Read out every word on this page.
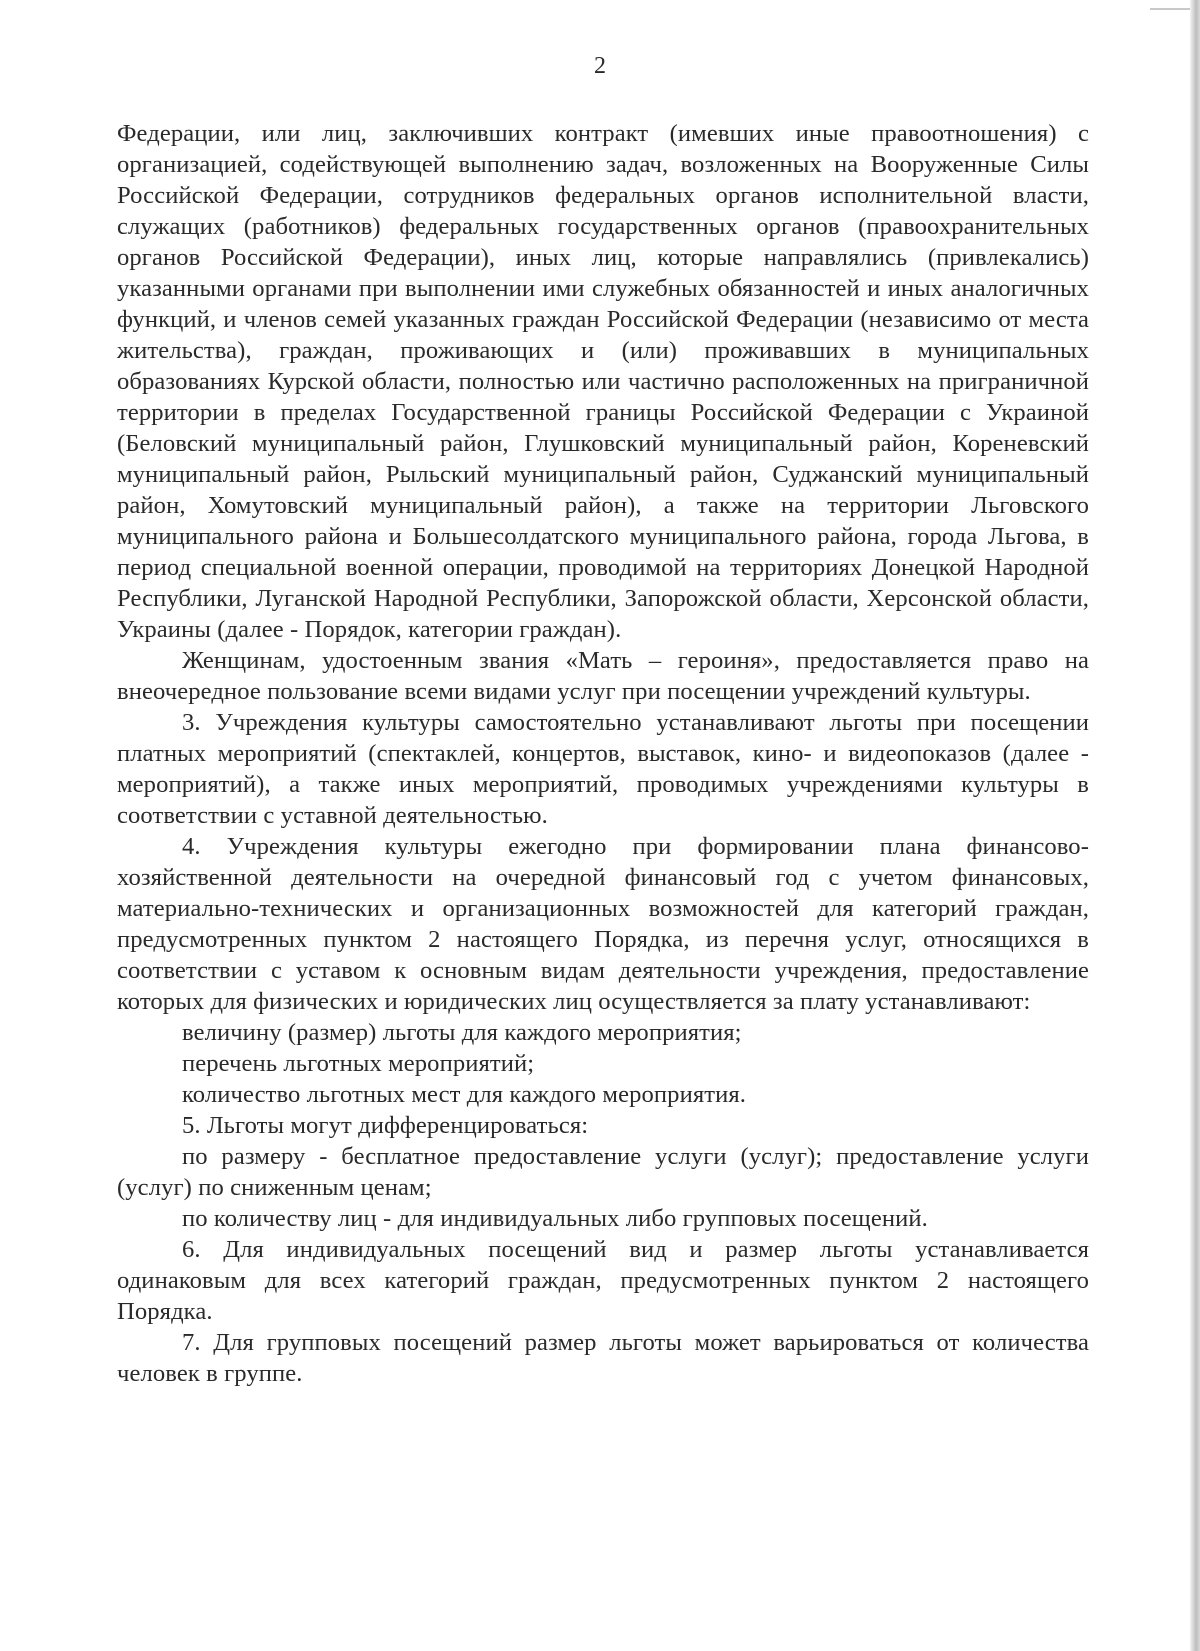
2

Федерации, или лиц, заключивших контракт (имевших иные правоотношения) с организацией, содействующей выполнению задач, возложенных на Вооруженные Силы Российской Федерации, сотрудников федеральных органов исполнительной власти, служащих (работников) федеральных государственных органов (правоохранительных органов Российской Федерации), иных лиц, которые направлялись (привлекались) указанными органами при выполнении ими служебных обязанностей и иных аналогичных функций, и членов семей указанных граждан Российской Федерации (независимо от места жительства), граждан, проживающих и (или) проживавших в муниципальных образованиях Курской области, полностью или частично расположенных на приграничной территории в пределах Государственной границы Российской Федерации с Украиной (Беловский муниципальный район, Глушковский муниципальный район, Кореневский муниципальный район, Рыльский муниципальный район, Суджанский муниципальный район, Хомутовский муниципальный район), а также на территории Льговского муниципального района и Большесолдатского муниципального района, города Льгова, в период специальной военной операции, проводимой на территориях Донецкой Народной Республики, Луганской Народной Республики, Запорожской области, Херсонской области, Украины (далее - Порядок, категории граждан).

Женщинам, удостоенным звания «Мать – героиня», предоставляется право на внеочередное пользование всеми видами услуг при посещении учреждений культуры.

3. Учреждения культуры самостоятельно устанавливают льготы при посещении платных мероприятий (спектаклей, концертов, выставок, кино- и видеопоказов (далее - мероприятий), а также иных мероприятий, проводимых учреждениями культуры в соответствии с уставной деятельностью.

4. Учреждения культуры ежегодно при формировании плана финансово-хозяйственной деятельности на очередной финансовый год с учетом финансовых, материально-технических и организационных возможностей для категорий граждан, предусмотренных пунктом 2 настоящего Порядка, из перечня услуг, относящихся в соответствии с уставом к основным видам деятельности учреждения, предоставление которых для физических и юридических лиц осуществляется за плату устанавливают:

величину (размер) льготы для каждого мероприятия;

перечень льготных мероприятий;

количество льготных мест для каждого мероприятия.

5. Льготы могут дифференцироваться:

по размеру - бесплатное предоставление услуги (услуг); предоставление услуги (услуг) по сниженным ценам;

по количеству лиц - для индивидуальных либо групповых посещений.

6. Для индивидуальных посещений вид и размер льготы устанавливается одинаковым для всех категорий граждан, предусмотренных пунктом 2 настоящего Порядка.

7. Для групповых посещений размер льготы может варьироваться от количества человек в группе.
